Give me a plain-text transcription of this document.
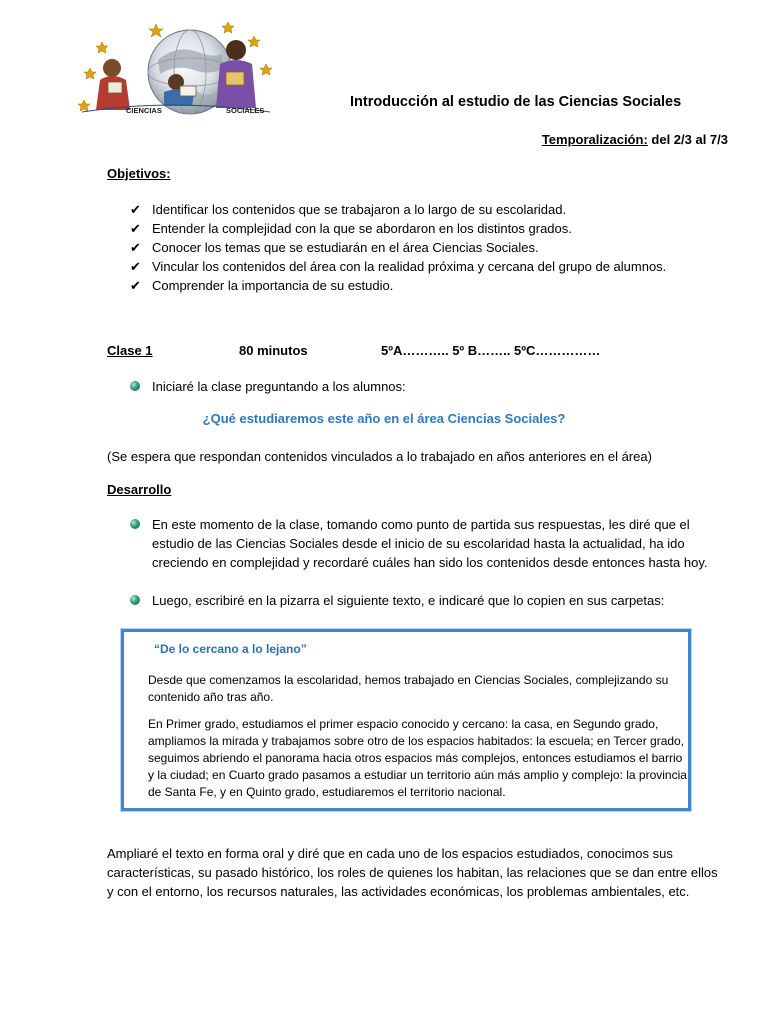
CIENCIAS	SOCIALES
Introducción al estudio de las Ciencias Sociales
Temporalización: del 2/3 al 7/3
Objetivos:
✔ Identificar los contenidos que se trabajaron a lo largo de su escolaridad.
✔ Entender la complejidad con la que se abordaron en los distintos grados.
✔ Conocer los temas que se estudiarán en el área Ciencias Sociales.
✔ Vincular los contenidos del área con la realidad próxima y cercana del grupo de alumnos.
✔ Comprender la importancia de su estudio.
Clase 1	80 minutos	5ºA……….. 5º B…….. 5ºC……………
Iniciaré la clase preguntando a los alumnos:
¿Qué estudiaremos este año en el área Ciencias Sociales?
(Se espera que respondan contenidos vinculados a lo trabajado en años anteriores en el área)
Desarrollo
En este momento de la clase, tomando como punto de partida sus respuestas, les diré que el estudio de las Ciencias Sociales desde el inicio de su escolaridad hasta la actualidad, ha ido creciendo en complejidad y recordaré cuáles han sido los contenidos desde entonces hasta hoy.
Luego, escribiré en la pizarra el siguiente texto, e indicaré que lo copien en sus carpetas:
“De lo cercano a lo lejano”
Desde que comenzamos la escolaridad, hemos trabajado en Ciencias Sociales, complejizando su contenido año tras año.
En Primer grado, estudiamos el primer espacio conocido y cercano: la casa, en Segundo grado, ampliamos la mirada y trabajamos sobre otro de los espacios habitados: la escuela; en Tercer grado, seguimos abriendo el panorama hacia otros espacios más complejos, entonces estudiamos el barrio y la ciudad; en Cuarto grado pasamos a estudiar un territorio aún más amplio y complejo: la provincia de Santa Fe, y en Quinto grado, estudiaremos el territorio nacional.
Ampliaré el texto en forma oral y diré que en cada uno de los espacios estudiados, conocimos sus características, su pasado histórico, los roles de quienes los habitan, las relaciones que se dan entre ellos y con el entorno, los recursos naturales, las actividades económicas, los problemas ambientales, etc.
